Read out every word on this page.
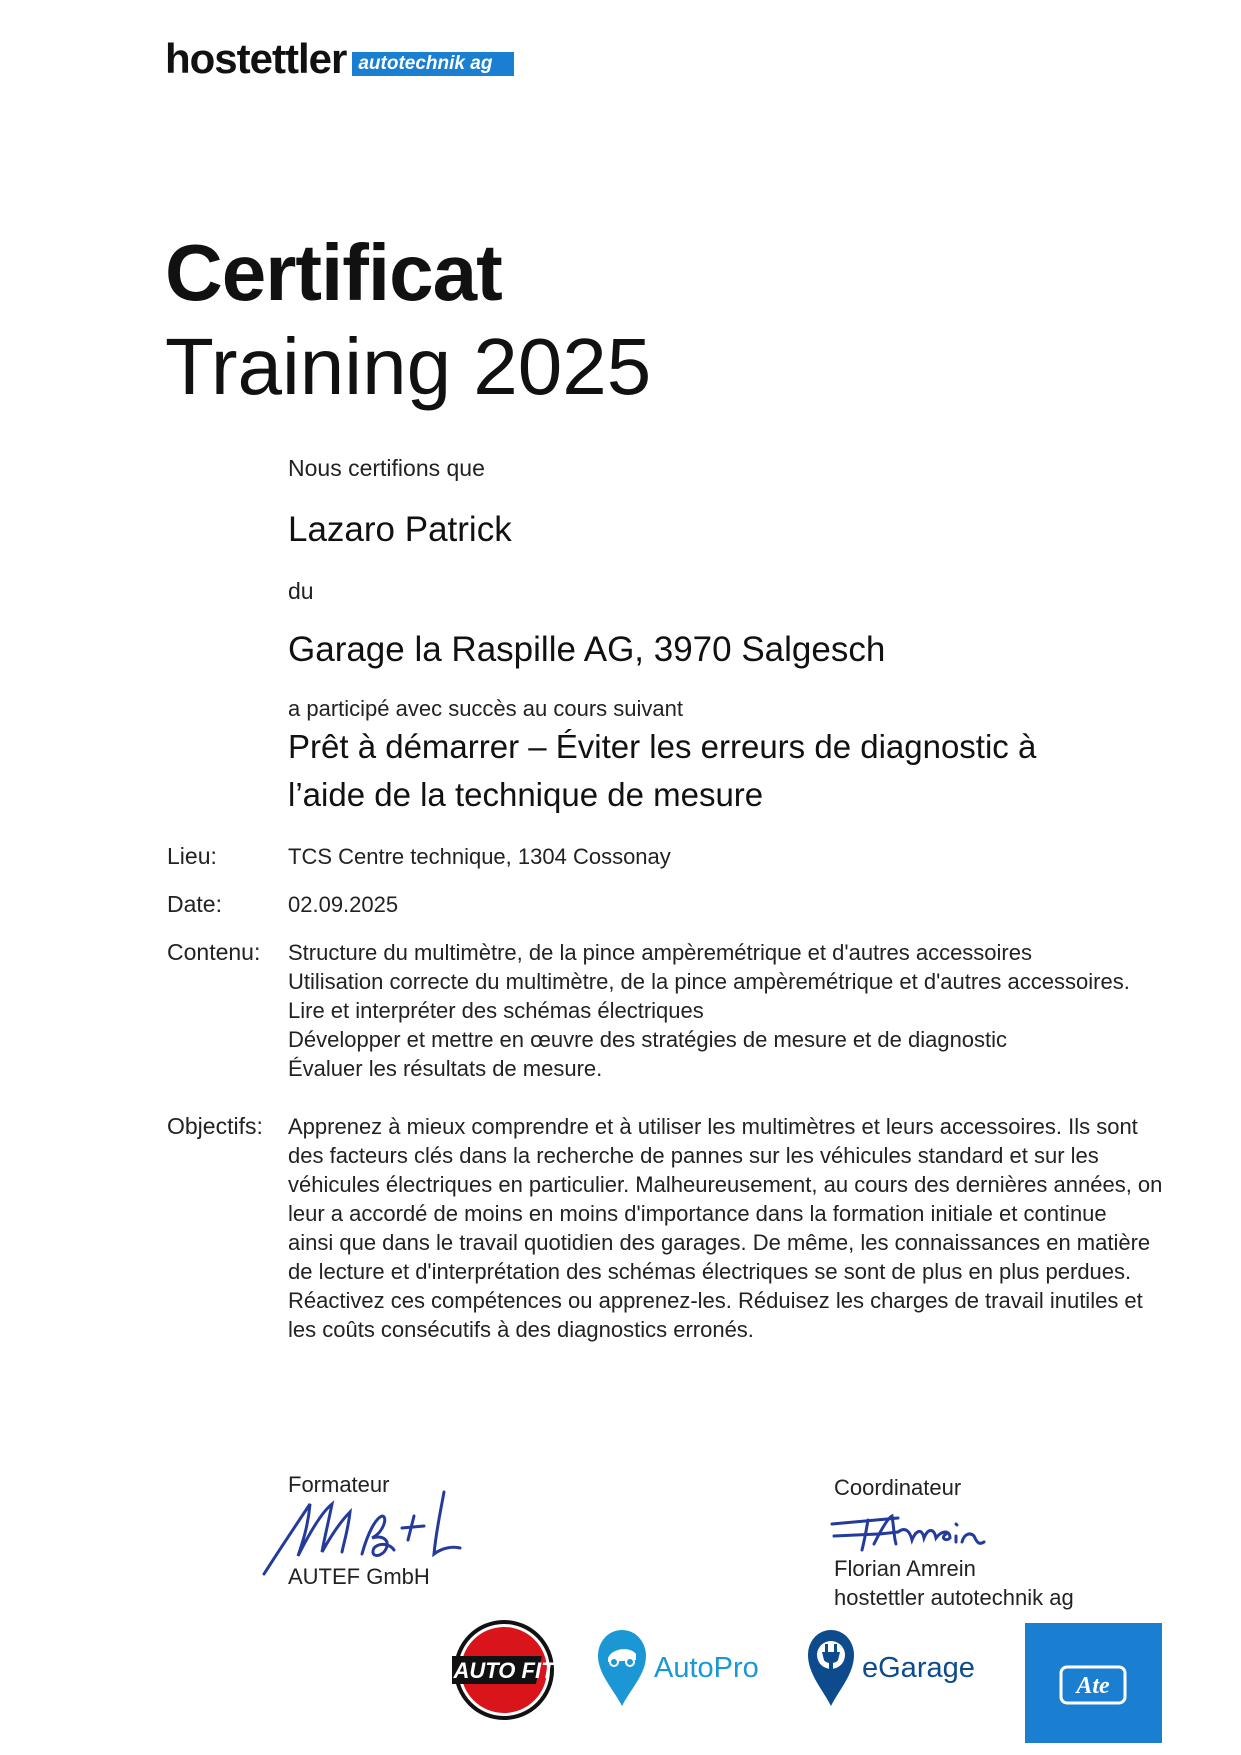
hostettler autotechnik ag
Certificat
Training 2025
Nous certifions que
Lazaro Patrick
du
Garage la Raspille AG, 3970 Salgesch
a participé avec succès au cours suivant
Prêt à démarrer – Éviter les erreurs de diagnostic à
l’aide de la technique de mesure
Lieu:	TCS Centre technique, 1304 Cossonay
Date:	02.09.2025
Contenu: Structure du multimètre, de la pince ampèremétrique et d'autres accessoires
Utilisation correcte du multimètre, de la pince ampèremétrique et d'autres accessoires.
Lire et interpréter des schémas électriques
Développer et mettre en œuvre des stratégies de mesure et de diagnostic
Évaluer les résultats de mesure.
Objectifs: Apprenez à mieux comprendre et à utiliser les multimètres et leurs accessoires. Ils sont
des facteurs clés dans la recherche de pannes sur les véhicules standard et sur les
véhicules électriques en particulier. Malheureusement, au cours des dernières années, on
leur a accordé de moins en moins d'importance dans la formation initiale et continue
ainsi que dans le travail quotidien des garages. De même, les connaissances en matière
de lecture et d'interprétation des schémas électriques se sont de plus en plus perdues.
Réactivez ces compétences ou apprenez-les. Réduisez les charges de travail inutiles et
les coûts consécutifs à des diagnostics erronés.
Formateur
AUTEF GmbH
Coordinateur
Florian Amrein
hostettler autotechnik ag
AUTO FIT	AutoPro	eGarage
Ate
